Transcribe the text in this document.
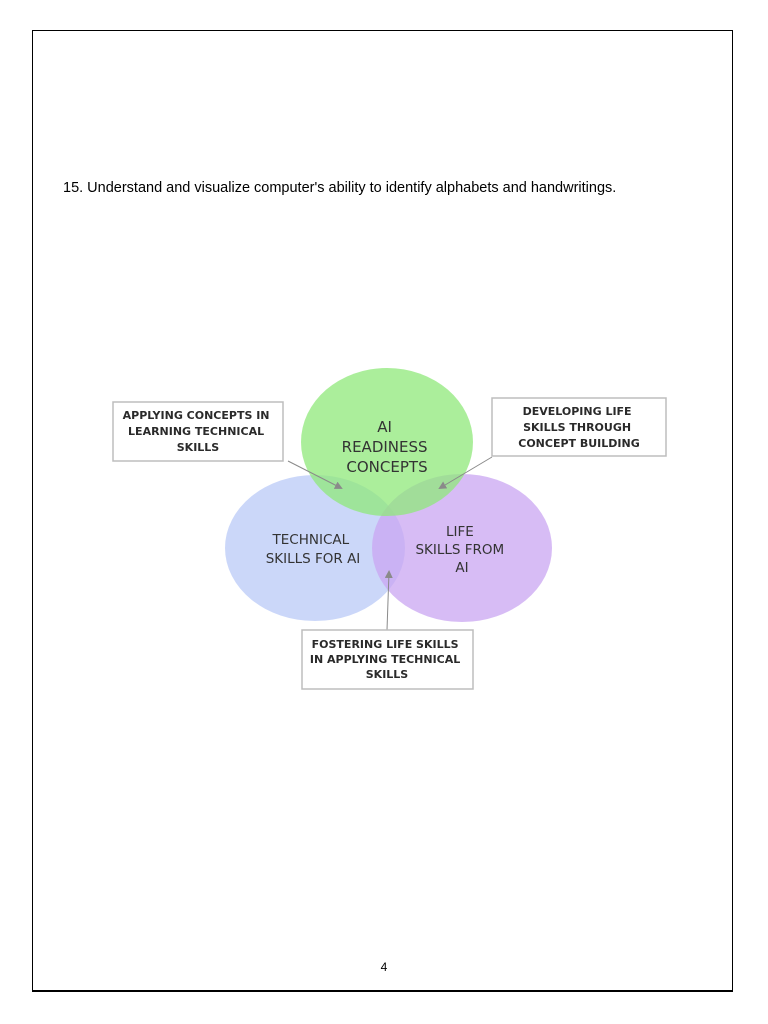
15. Understand and visualize computer's ability to identify alphabets and handwritings.
AI READINESS CONCEPTS
TECHNICAL SKILLS FOR AI
LIFE SKILLS FROM AI
APPLYING CONCEPTS IN LEARNING TECHNICAL SKILLS
DEVELOPING LIFE SKILLS THROUGH CONCEPT BUILDING
FOSTERING LIFE SKILLS IN APPLYING TECHNICAL SKILLS
4
